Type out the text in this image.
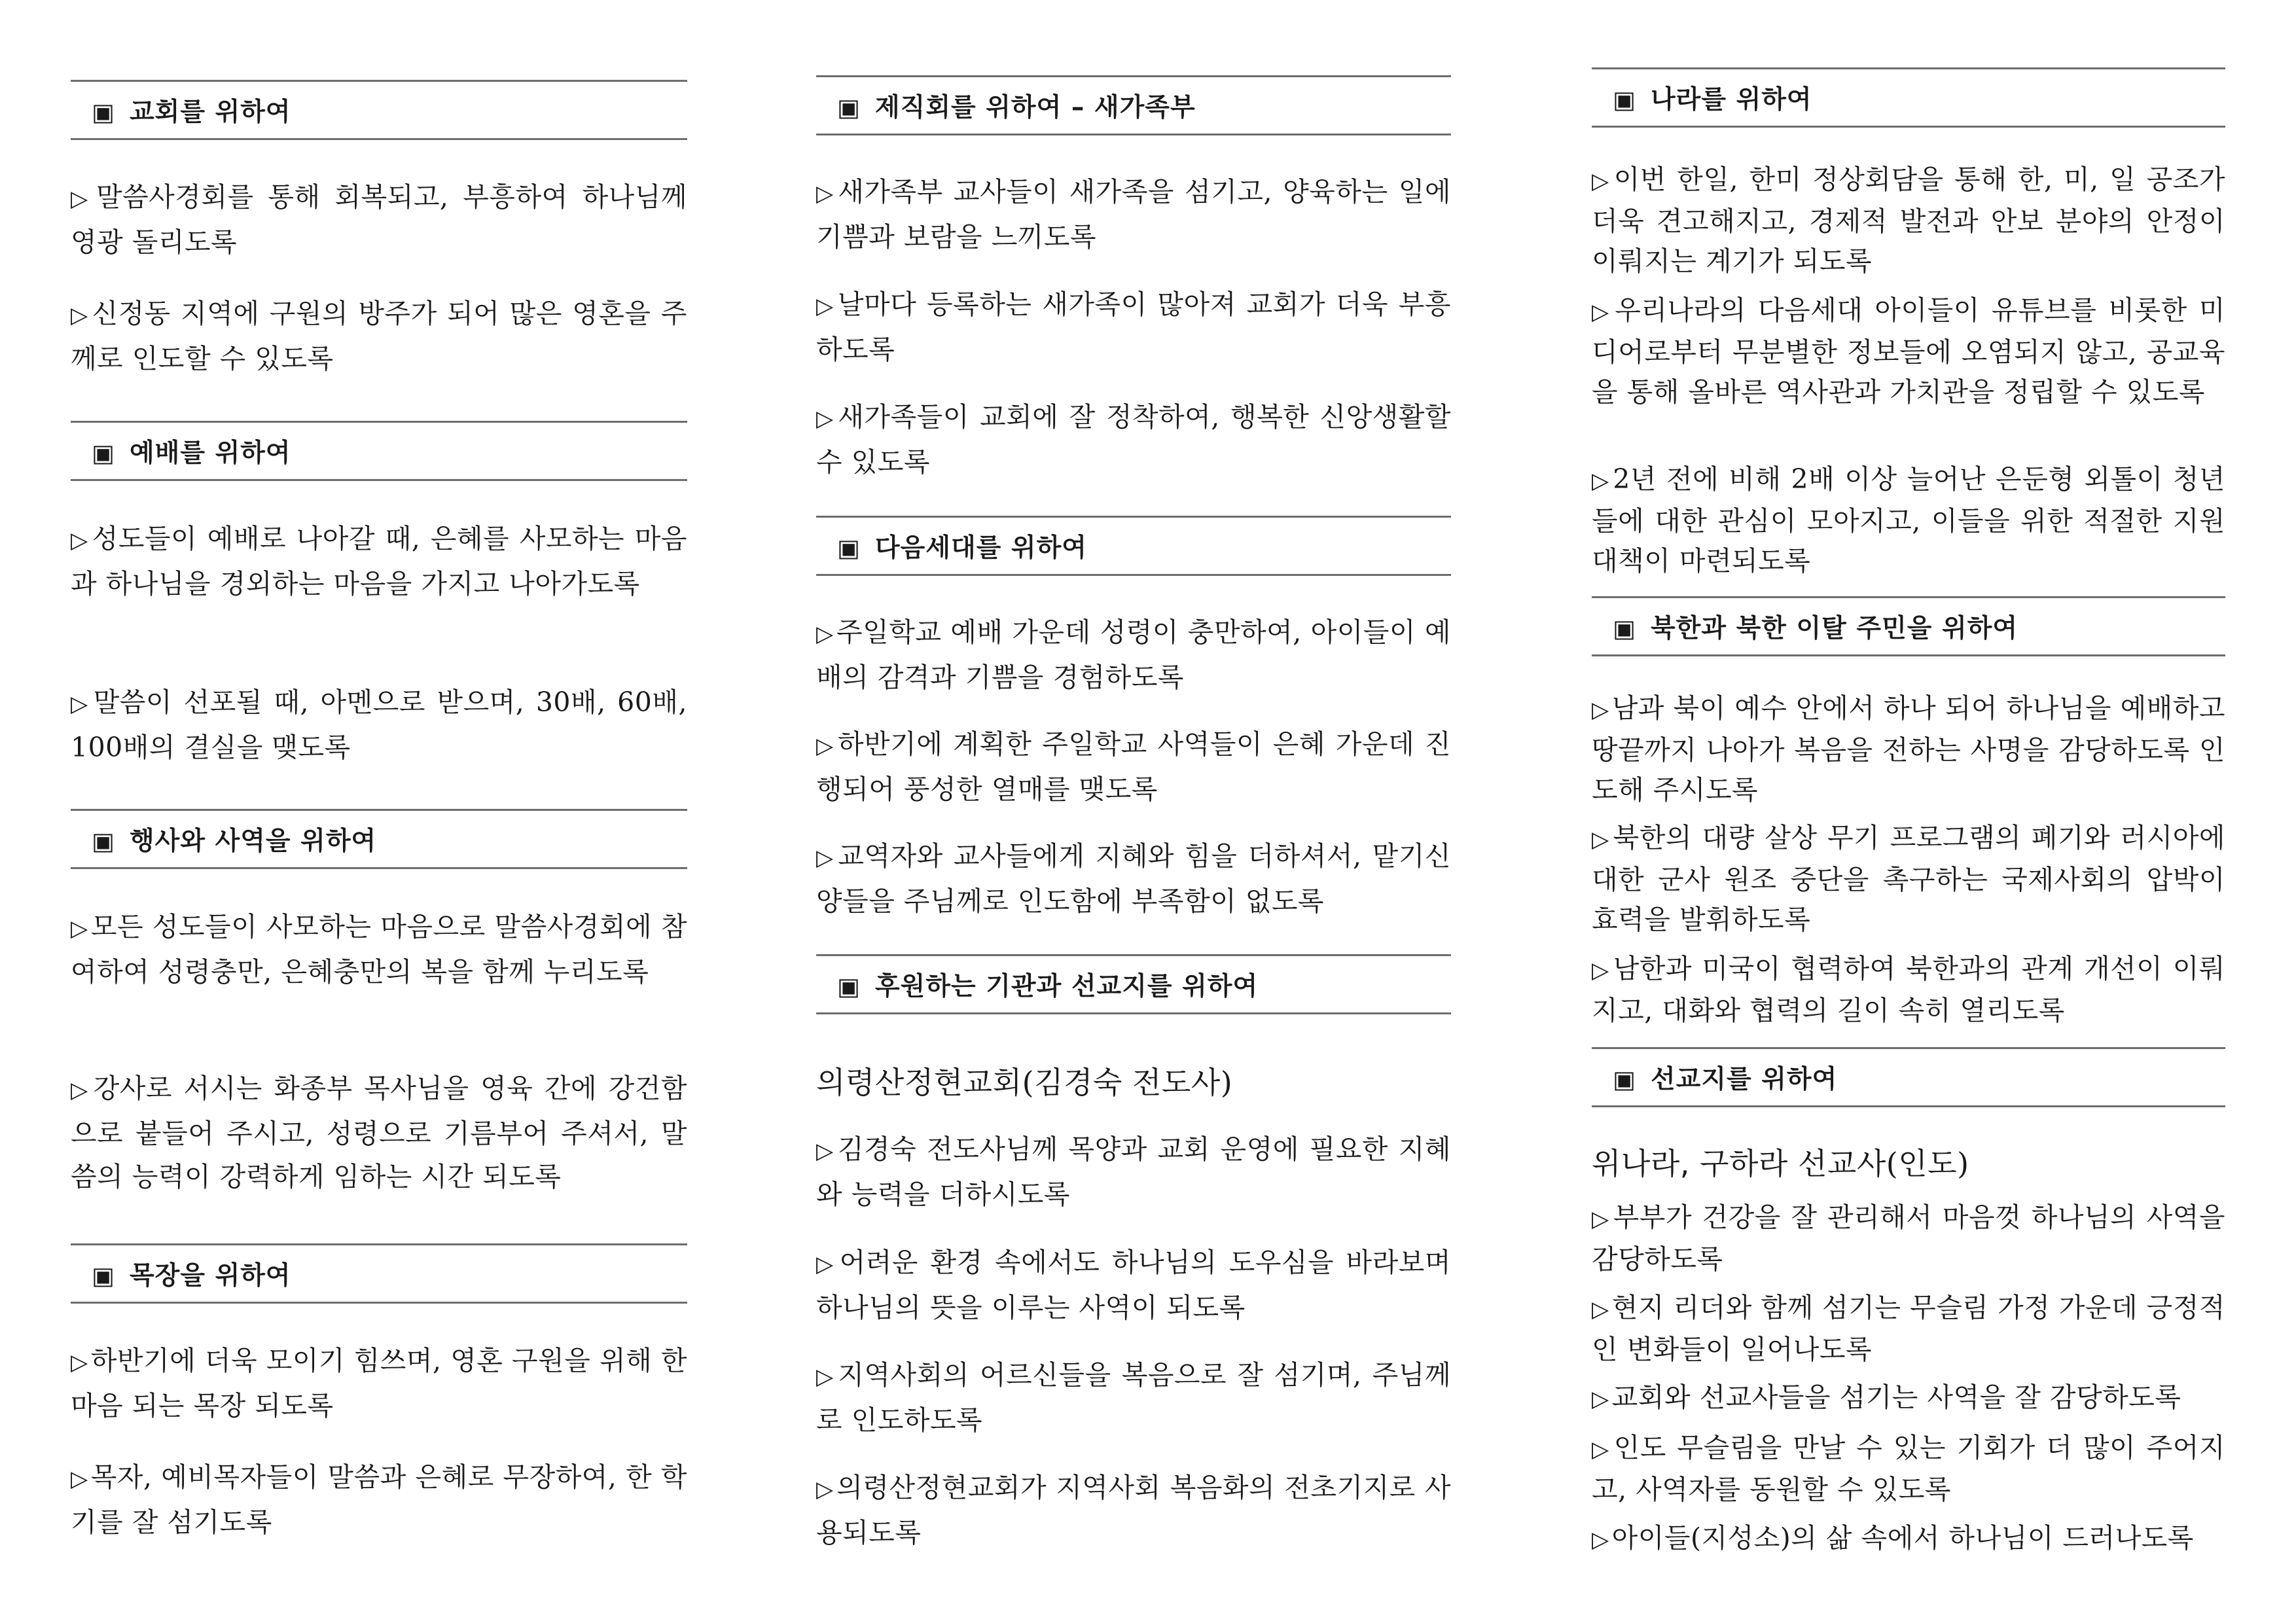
▣ 교회를 위하여

▷말씀사경회를 통해 회복되고, 부흥하여 하나님께 영광 돌리도록

▷신정동 지역에 구원의 방주가 되어 많은 영혼을 주께로 인도할 수 있도록

▣ 예배를 위하여

▷성도들이 예배로 나아갈 때, 은혜를 사모하는 마음과 하나님을 경외하는 마음을 가지고 나아가도록

▷말씀이 선포될 때, 아멘으로 받으며, 30배, 60배, 100배의 결실을 맺도록

▣ 행사와 사역을 위하여

▷모든 성도들이 사모하는 마음으로 말씀사경회에 참여하여 성령충만, 은혜충만의 복을 함께 누리도록

▷강사로 서시는 화종부 목사님을 영육 간에 강건함으로 붙들어 주시고, 성령으로 기름부어 주셔서, 말씀의 능력이 강력하게 임하는 시간 되도록

▣ 목장을 위하여

▷하반기에 더욱 모이기 힘쓰며, 영혼 구원을 위해 한마음 되는 목장 되도록

▷목자, 예비목자들이 말씀과 은혜로 무장하여, 한 학기를 잘 섬기도록

▣ 제직회를 위하여 – 새가족부

▷새가족부 교사들이 새가족을 섬기고, 양육하는 일에 기쁨과 보람을 느끼도록

▷날마다 등록하는 새가족이 많아져 교회가 더욱 부흥하도록

▷새가족들이 교회에 잘 정착하여, 행복한 신앙생활할 수 있도록

▣ 다음세대를 위하여

▷주일학교 예배 가운데 성령이 충만하여, 아이들이 예배의 감격과 기쁨을 경험하도록

▷하반기에 계획한 주일학교 사역들이 은혜 가운데 진행되어 풍성한 열매를 맺도록

▷교역자와 교사들에게 지혜와 힘을 더하셔서, 맡기신 양들을 주님께로 인도함에 부족함이 없도록

▣ 후원하는 기관과 선교지를 위하여

의령산정현교회(김경숙 전도사)

▷김경숙 전도사님께 목양과 교회 운영에 필요한 지혜와 능력을 더하시도록

▷어려운 환경 속에서도 하나님의 도우심을 바라보며 하나님의 뜻을 이루는 사역이 되도록

▷지역사회의 어르신들을 복음으로 잘 섬기며, 주님께로 인도하도록

▷의령산정현교회가 지역사회 복음화의 전초기지로 사용되도록

▣ 나라를 위하여

▷이번 한일, 한미 정상회담을 통해 한, 미, 일 공조가 더욱 견고해지고, 경제적 발전과 안보 분야의 안정이 이뤄지는 계기가 되도록

▷우리나라의 다음세대 아이들이 유튜브를 비롯한 미디어로부터 무분별한 정보들에 오염되지 않고, 공교육을 통해 올바른 역사관과 가치관을 정립할 수 있도록

▷2년 전에 비해 2배 이상 늘어난 은둔형 외톨이 청년들에 대한 관심이 모아지고, 이들을 위한 적절한 지원 대책이 마련되도록

▣ 북한과 북한 이탈 주민을 위하여

▷남과 북이 예수 안에서 하나 되어 하나님을 예배하고 땅끝까지 나아가 복음을 전하는 사명을 감당하도록 인도해 주시도록

▷북한의 대량 살상 무기 프로그램의 폐기와 러시아에 대한 군사 원조 중단을 촉구하는 국제사회의 압박이 효력을 발휘하도록

▷남한과 미국이 협력하여 북한과의 관계 개선이 이뤄지고, 대화와 협력의 길이 속히 열리도록

▣ 선교지를 위하여

위나라, 구하라 선교사(인도)

▷부부가 건강을 잘 관리해서 마음껏 하나님의 사역을 감당하도록

▷현지 리더와 함께 섬기는 무슬림 가정 가운데 긍정적인 변화들이 일어나도록

▷교회와 선교사들을 섬기는 사역을 잘 감당하도록

▷인도 무슬림을 만날 수 있는 기회가 더 많이 주어지고, 사역자를 동원할 수 있도록

▷아이들(지성소)의 삶 속에서 하나님이 드러나도록
